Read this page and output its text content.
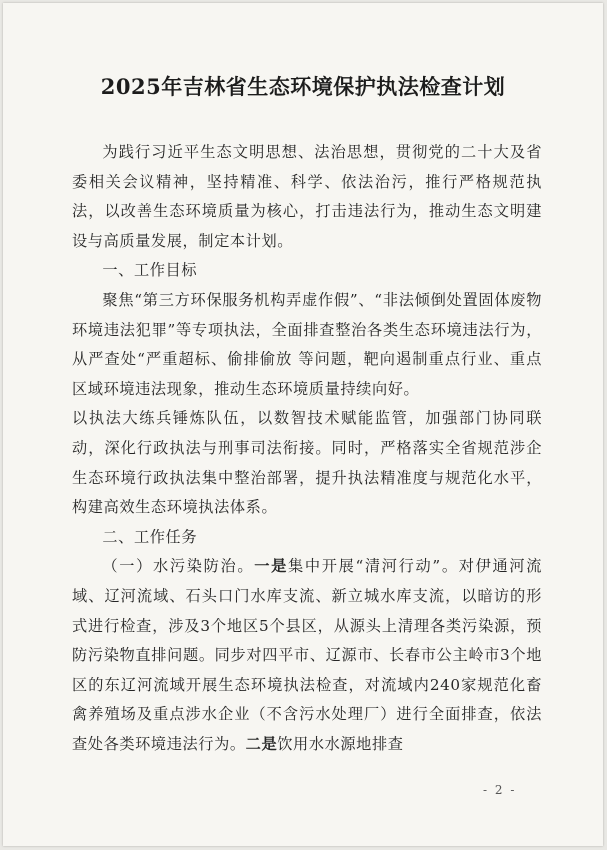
2025年吉林省生态环境保护执法检查计划

为践行习近平生态文明思想、法治思想，贯彻党的二十大及省委相关会议精神，坚持精准、科学、依法治污，推行严格规范执法，以改善生态环境质量为核心，打击违法行为，推动生态文明建设与高质量发展，制定本计划。

一、工作目标

聚焦“第三方环保服务机构弄虚作假”、“非法倾倒处置固体废物环境违法犯罪”等专项执法，全面排查整治各类生态环境违法行为，从严查处“严重超标、偷排偷放 等问题，靶向遏制重点行业、重点区域环境违法现象，推动生态环境质量持续向好。

以执法大练兵锤炼队伍，以数智技术赋能监管，加强部门协同联动，深化行政执法与刑事司法衔接。同时，严格落实全省规范涉企生态环境行政执法集中整治部署，提升执法精准度与规范化水平，构建高效生态环境执法体系。

二、工作任务

（一）水污染防治。一是集中开展“清河行动”。对伊通河流域、辽河流域、石头口门水库支流、新立城水库支流，以暗访的形式进行检查，涉及3个地区5个县区，从源头上清理各类污染源，预防污染物直排问题。同步对四平市、辽源市、长春市公主岭市3个地区的东辽河流域开展生态环境执法检查，对流域内240家规范化畜禽养殖场及重点涉水企业（不含污水处理厂）进行全面排查，依法查处各类环境违法行为。二是饮用水水源地排查

- 2 -
